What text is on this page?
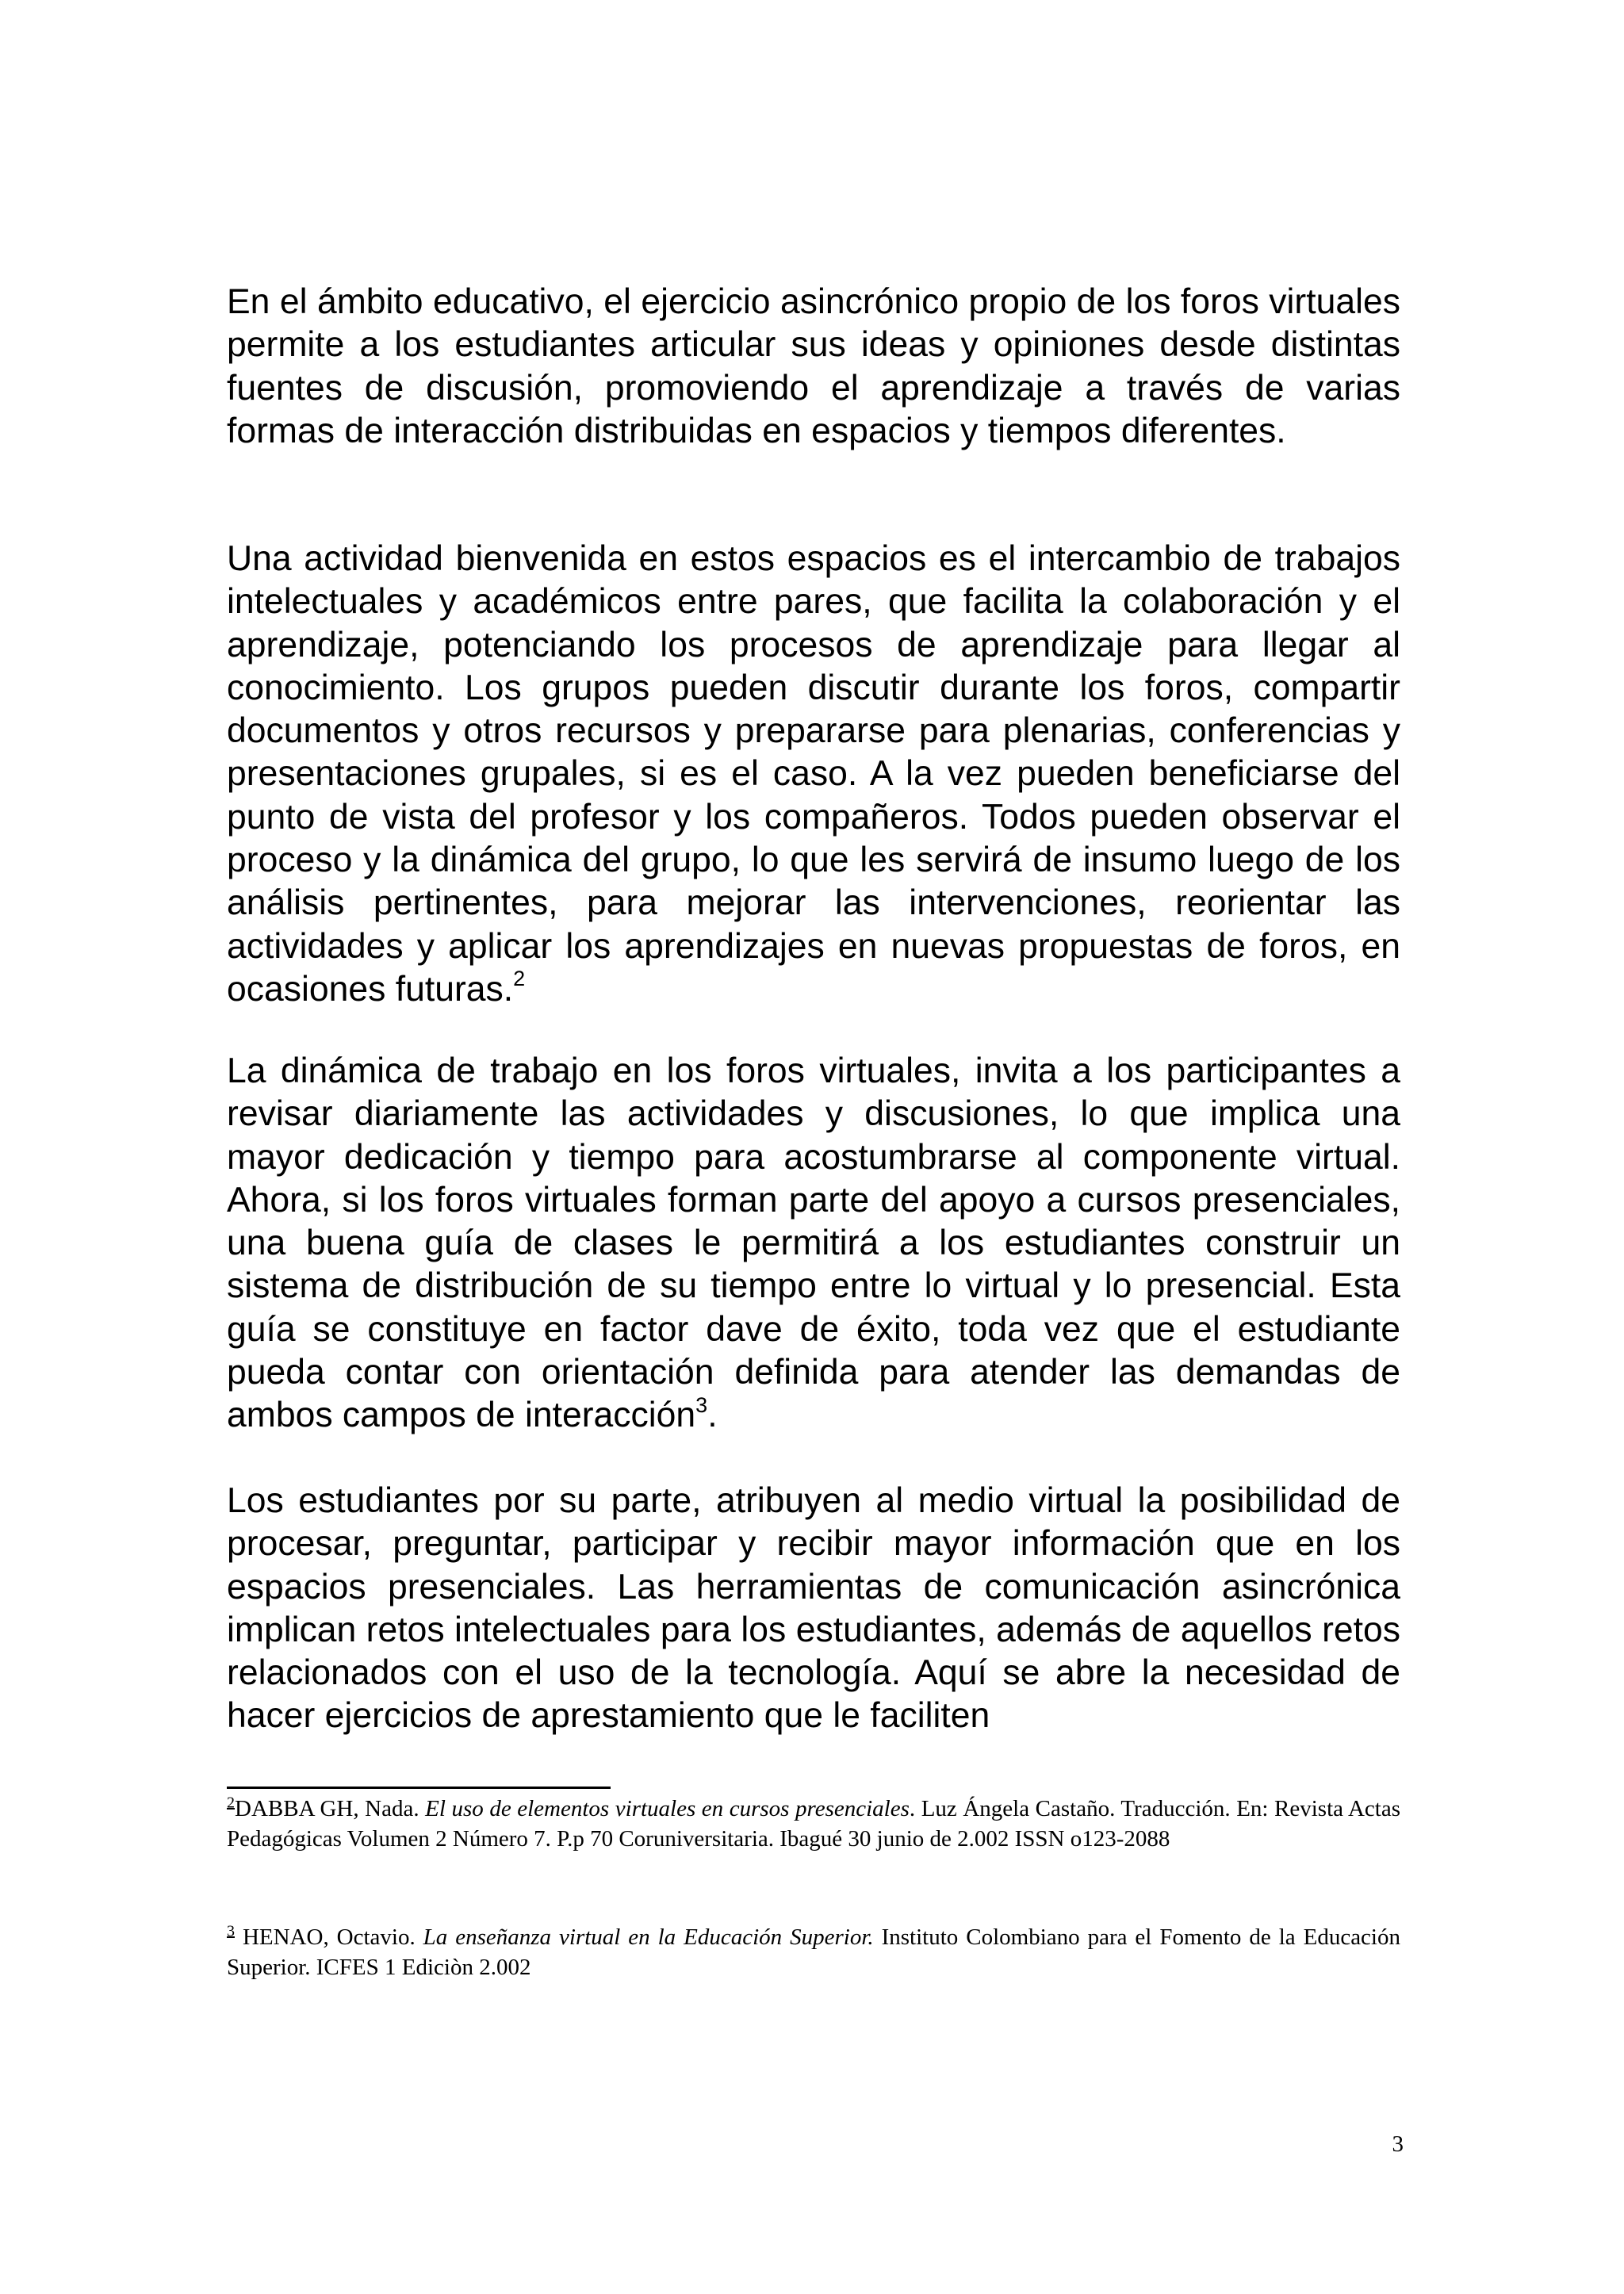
En el ámbito educativo, el ejercicio asincrónico propio de los foros virtuales permite a los estudiantes articular sus ideas y opiniones desde distintas fuentes de discusión, promoviendo el aprendizaje a través de varias formas de interacción distribuidas en espacios y tiempos diferentes.

Una actividad bienvenida en estos espacios es el intercambio de trabajos intelectuales y académicos entre pares, que facilita la colaboración y el aprendizaje, potenciando los procesos de aprendizaje para llegar al conocimiento. Los grupos pueden discutir durante los foros, compartir documentos y otros recursos y prepararse para plenarias, conferencias y presentaciones grupales, si es el caso. A la vez pueden beneficiarse del punto de vista del profesor y los compañeros. Todos pueden observar el proceso y la dinámica del grupo, lo que les servirá de insumo luego de los análisis pertinentes, para mejorar las intervenciones, reorientar las actividades y aplicar los aprendizajes en nuevas propuestas de foros, en ocasiones futuras.$^2$

La dinámica de trabajo en los foros virtuales, invita a los participantes a revisar diariamente las actividades y discusiones, lo que implica una mayor dedicación y tiempo para acostumbrarse al componente virtual. Ahora, si los foros virtuales forman parte del apoyo a cursos presenciales, una buena guía de clases le permitirá a los estudiantes construir un sistema de distribución de su tiempo entre lo virtual y lo presencial. Esta guía se constituye en factor dave de éxito, toda vez que el estudiante pueda contar con orientación definida para atender las demandas de ambos campos de interacción$^3$.

Los estudiantes por su parte, atribuyen al medio virtual la posibilidad de procesar, preguntar, participar y recibir mayor información que en los espacios presenciales. Las herramientas de comunicación asincrónica implican retos intelectuales para los estudiantes, además de aquellos retos relacionados con el uso de la tecnología. Aquí se abre la necesidad de hacer ejercicios de aprestamiento que le faciliten

$^2$DABBA GH, Nada. El uso de elementos virtuales en cursos presenciales. Luz Ángela Castaño. Traducción. En: Revista Actas Pedagógicas Volumen 2 Número 7. P.p 70 Coruniversitaria. Ibagué 30 junio de 2.002 ISSN o123-2088

$^3$ HENAO, Octavio. La enseñanza virtual en la Educación Superior. Instituto Colombiano para el Fomento de la Educación Superior. ICFES 1 Ediciòn 2.002

3
